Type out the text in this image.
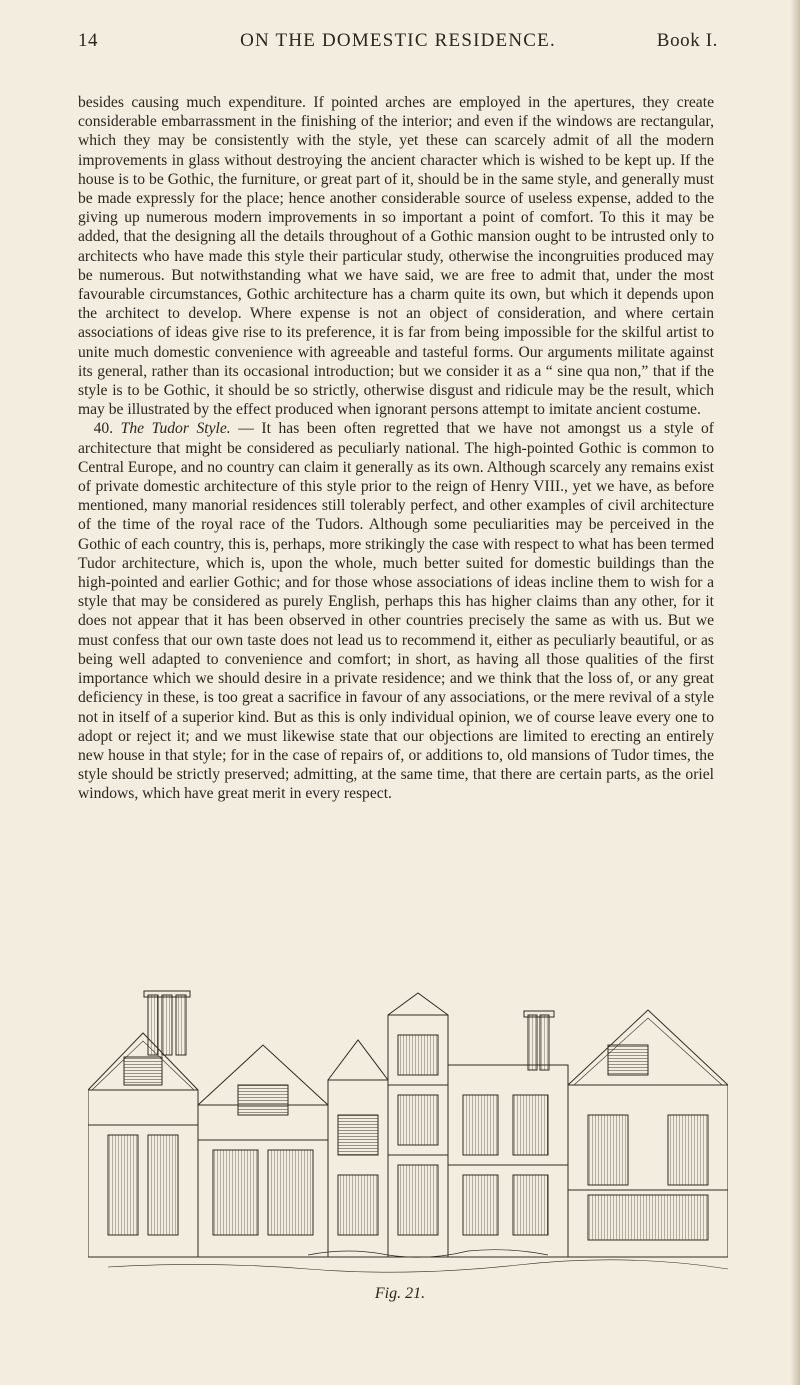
14	ON THE DOMESTIC RESIDENCE.	Book I.

besides causing much expenditure. If pointed arches are employed in the apertures, they create considerable embarrassment in the finishing of the interior; and even if the windows are rectangular, which they may be consistently with the style, yet these can scarcely admit of all the modern improvements in glass without destroying the ancient character which is wished to be kept up. If the house is to be Gothic, the furniture, or great part of it, should be in the same style, and generally must be made expressly for the place; hence another considerable source of useless expense, added to the giving up numerous modern improvements in so important a point of comfort. To this it may be added, that the designing all the details throughout of a Gothic mansion ought to be intrusted only to architects who have made this style their particular study, otherwise the incongruities produced may be numerous. But notwithstanding what we have said, we are free to admit that, under the most favourable circumstances, Gothic architecture has a charm quite its own, but which it depends upon the architect to develop. Where expense is not an object of consideration, and where certain associations of ideas give rise to its preference, it is far from being impossible for the skilful artist to unite much domestic convenience with agreeable and tasteful forms. Our arguments militate against its general, rather than its occasional introduction; but we consider it as a “ sine qua non,” that if the style is to be Gothic, it should be so strictly, otherwise disgust and ridicule may be the result, which may be illustrated by the effect produced when ignorant persons attempt to imitate ancient costume.

 40. The Tudor Style. — It has been often regretted that we have not amongst us a style of architecture that might be considered as peculiarly national. The high-pointed Gothic is common to Central Europe, and no country can claim it generally as its own. Although scarcely any remains exist of private domestic architecture of this style prior to the reign of Henry VIII., yet we have, as before mentioned, many manorial residences still tolerably perfect, and other examples of civil architecture of the time of the royal race of the Tudors. Although some peculiarities may be perceived in the Gothic of each country, this is, perhaps, more strikingly the case with respect to what has been termed Tudor architecture, which is, upon the whole, much better suited for domestic buildings than the high-pointed and earlier Gothic; and for those whose associations of ideas incline them to wish for a style that may be considered as purely English, perhaps this has higher claims than any other, for it does not appear that it has been observed in other countries precisely the same as with us. But we must confess that our own taste does not lead us to recommend it, either as peculiarly beautiful, or as being well adapted to convenience and comfort; in short, as having all those qualities of the first importance which we should desire in a private residence; and we think that the loss of, or any great deficiency in these, is too great a sacrifice in favour of any associations, or the mere revival of a style not in itself of a superior kind. But as this is only individual opinion, we of course leave every one to adopt or reject it; and we must likewise state that our objections are limited to erecting an entirely new house in that style; for in the case of repairs of, or additions to, old mansions of Tudor times, the style should be strictly preserved; admitting, at the same time, that there are certain parts, as the oriel windows, which have great merit in every respect.

Fig. 21.
